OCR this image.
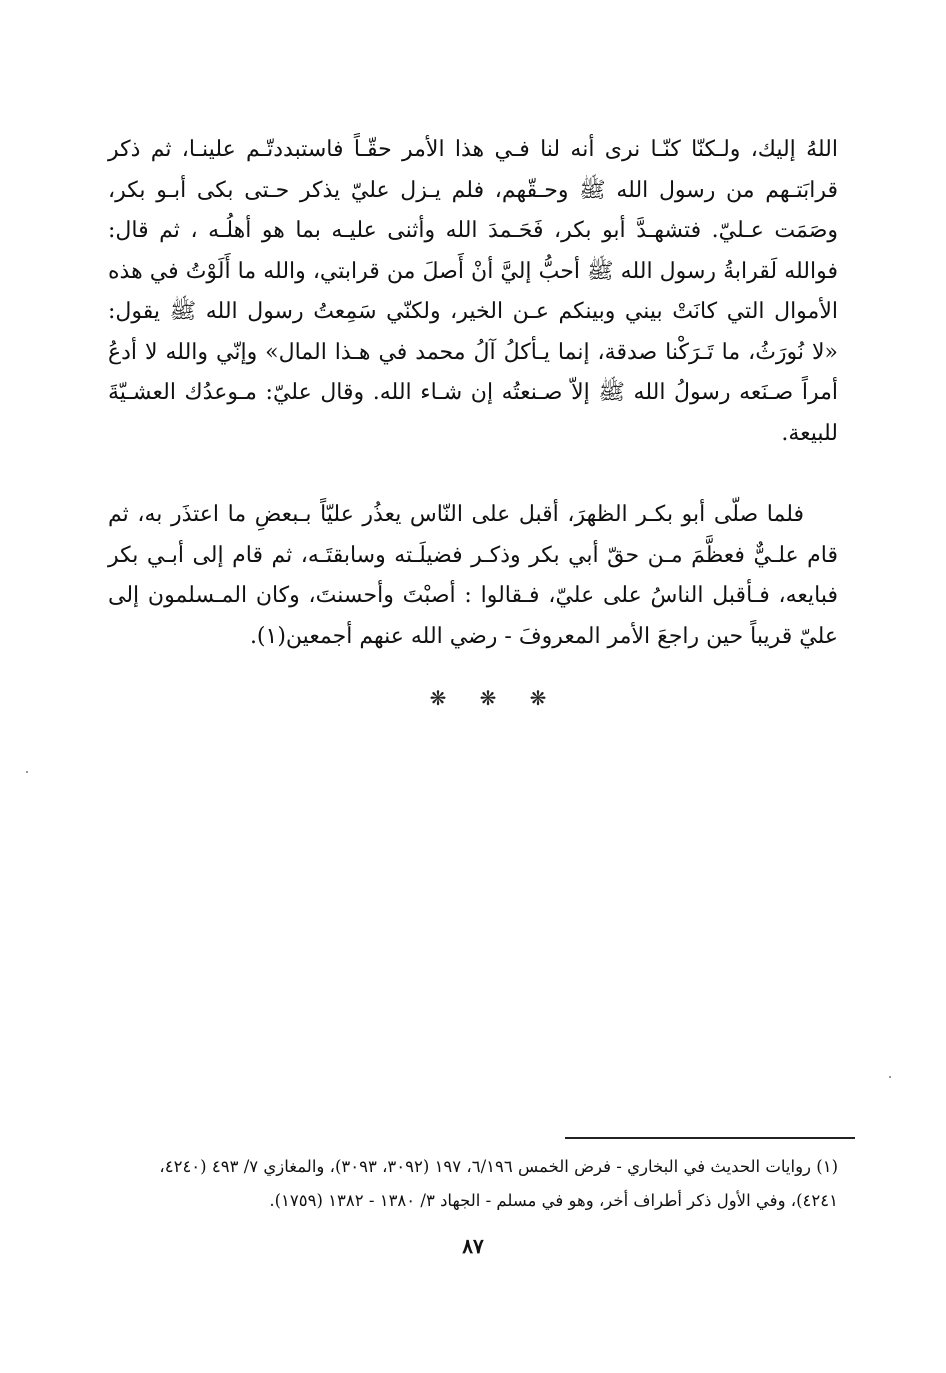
اللهُ إليك، ولـكنّا كنّـا نرى أنه لنا فـي هذا الأمر حقّـاً فاستبددتّـم علينـا، ثم ذكر قرابَتـهم من رسول الله ﷺ وحـقّهم، فلم يـزل عليّ يذكر حـتى بكى أبـو بكر، وصَمَت عـليّ. فتشهـدَّ أبو بكر، فَحَـمدَ الله وأثنى عليـه بما هو أهلُـه ، ثم قال: فوالله لَقرابةُ رسول الله ﷺ أحبُّ إليَّ أنْ أَصلَ من قرابتي، والله ما أَلَوْتُ في هذه الأموال التي كانَتْ بيني وبينكم عـن الخير، ولكنّي سَمِعتُ رسول الله ﷺ يقول: «لا نُورَثُ، ما تَـرَكْنا صدقة، إنما يـأكلُ آلُ محمد في هـذا المال» وإنّي والله لا أدعُ أمراً صـنَعه رسولُ الله ﷺ إلاّ صـنعتُه إن شـاء الله. وقال عليّ: مـوعدُك العشـيّةَ للبيعة.

فلما صلّى أبو بكـر الظهرَ، أقبل على النّاس يعذُر عليّاً بـبعضِ ما اعتذَر به، ثم قام علـيٌّ فعظَّمَ مـن حقّ أبي بكر وذكـر فضيلَـته وسابقتَـه، ثم قام إلى أبـي بكر فبايعه، فـأقبل الناسُ على عليّ، فـقالوا : أصبْتَ وأحسنتَ، وكان المـسلمون إلى عليّ قريباً حين راجعَ الأمر المعروفَ - رضي الله عنهم أجمعين(١).

❋ ❋ ❋

(١) روايات الحديث في البخاري - فرض الخمس ٦/١٩٦، ١٩٧ (٣٠٩٢، ٣٠٩٣)، والمغازي ٧/ ٤٩٣ (٤٢٤٠،

٤٢٤١)، وفي الأول ذكر أطراف أخر، وهو في مسلم - الجهاد ٣/ ١٣٨٠ - ١٣٨٢ (١٧٥٩).

٨٧
